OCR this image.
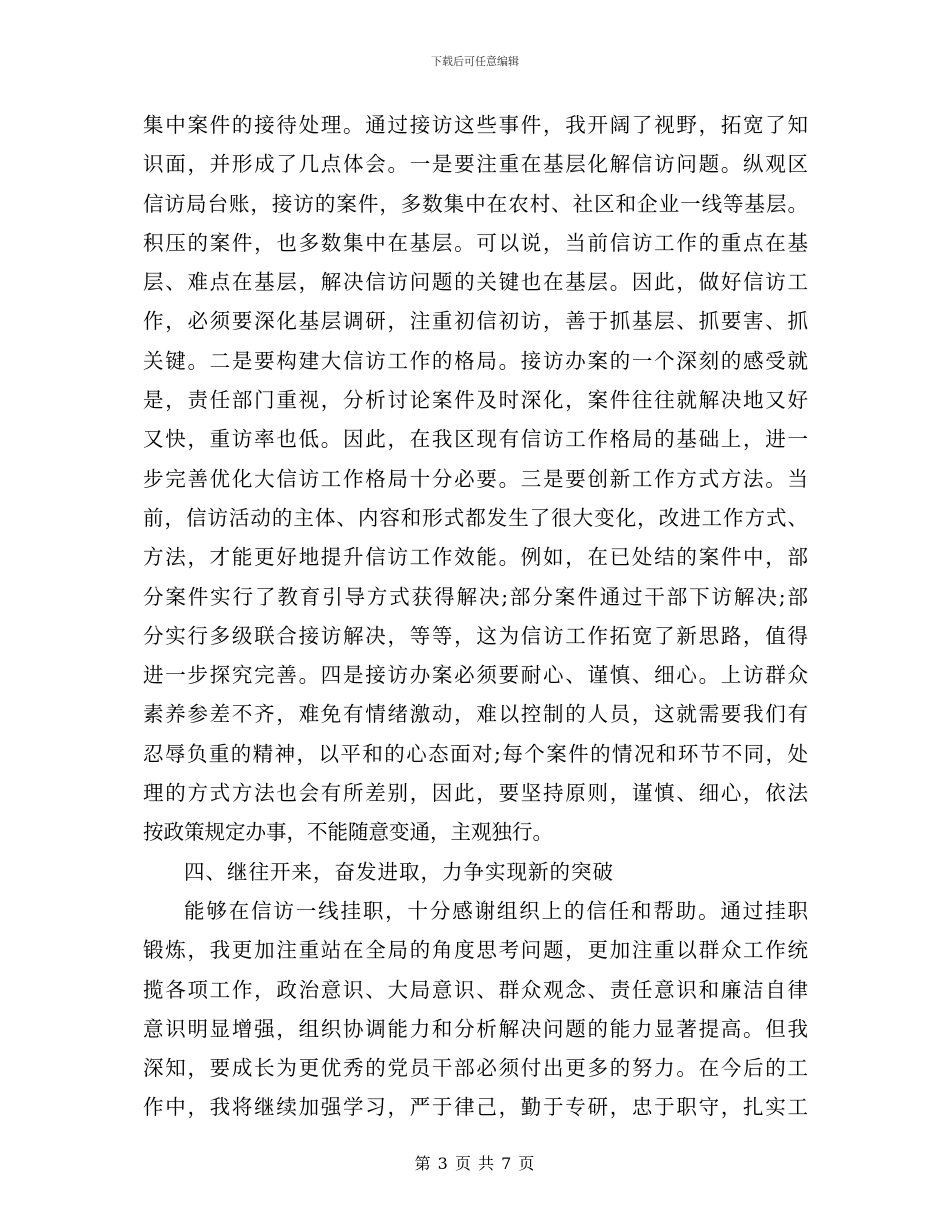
下载后可任意编辑
集中案件的接待处理。通过接访这些事件，我开阔了视野，拓宽了知
识面，并形成了几点体会。一是要注重在基层化解信访问题。纵观区
信访局台账，接访的案件，多数集中在农村、社区和企业一线等基层。
积压的案件，也多数集中在基层。可以说，当前信访工作的重点在基
层、难点在基层，解决信访问题的关键也在基层。因此，做好信访工
作，必须要深化基层调研，注重初信初访，善于抓基层、抓要害、抓
关键。二是要构建大信访工作的格局。接访办案的一个深刻的感受就
是，责任部门重视，分析讨论案件及时深化，案件往往就解决地又好
又快，重访率也低。因此，在我区现有信访工作格局的基础上，进一
步完善优化大信访工作格局十分必要。三是要创新工作方式方法。当
前，信访活动的主体、内容和形式都发生了很大变化，改进工作方式、
方法，才能更好地提升信访工作效能。例如，在已处结的案件中，部
分案件实行了教育引导方式获得解决;部分案件通过干部下访解决;部
分实行多级联合接访解决，等等，这为信访工作拓宽了新思路，值得
进一步探究完善。四是接访办案必须要耐心、谨慎、细心。上访群众
素养参差不齐，难免有情绪激动，难以控制的人员，这就需要我们有
忍辱负重的精神，以平和的心态面对;每个案件的情况和环节不同，处
理的方式方法也会有所差别，因此，要坚持原则，谨慎、细心，依法
按政策规定办事，不能随意变通，主观独行。
四、继往开来，奋发进取，力争实现新的突破
能够在信访一线挂职，十分感谢组织上的信任和帮助。通过挂职
锻炼，我更加注重站在全局的角度思考问题，更加注重以群众工作统
揽各项工作，政治意识、大局意识、群众观念、责任意识和廉洁自律
意识明显增强，组织协调能力和分析解决问题的能力显著提高。但我
深知，要成长为更优秀的党员干部必须付出更多的努力。在今后的工
作中，我将继续加强学习，严于律己，勤于专研，忠于职守，扎实工
第 3 页 共 7 页
